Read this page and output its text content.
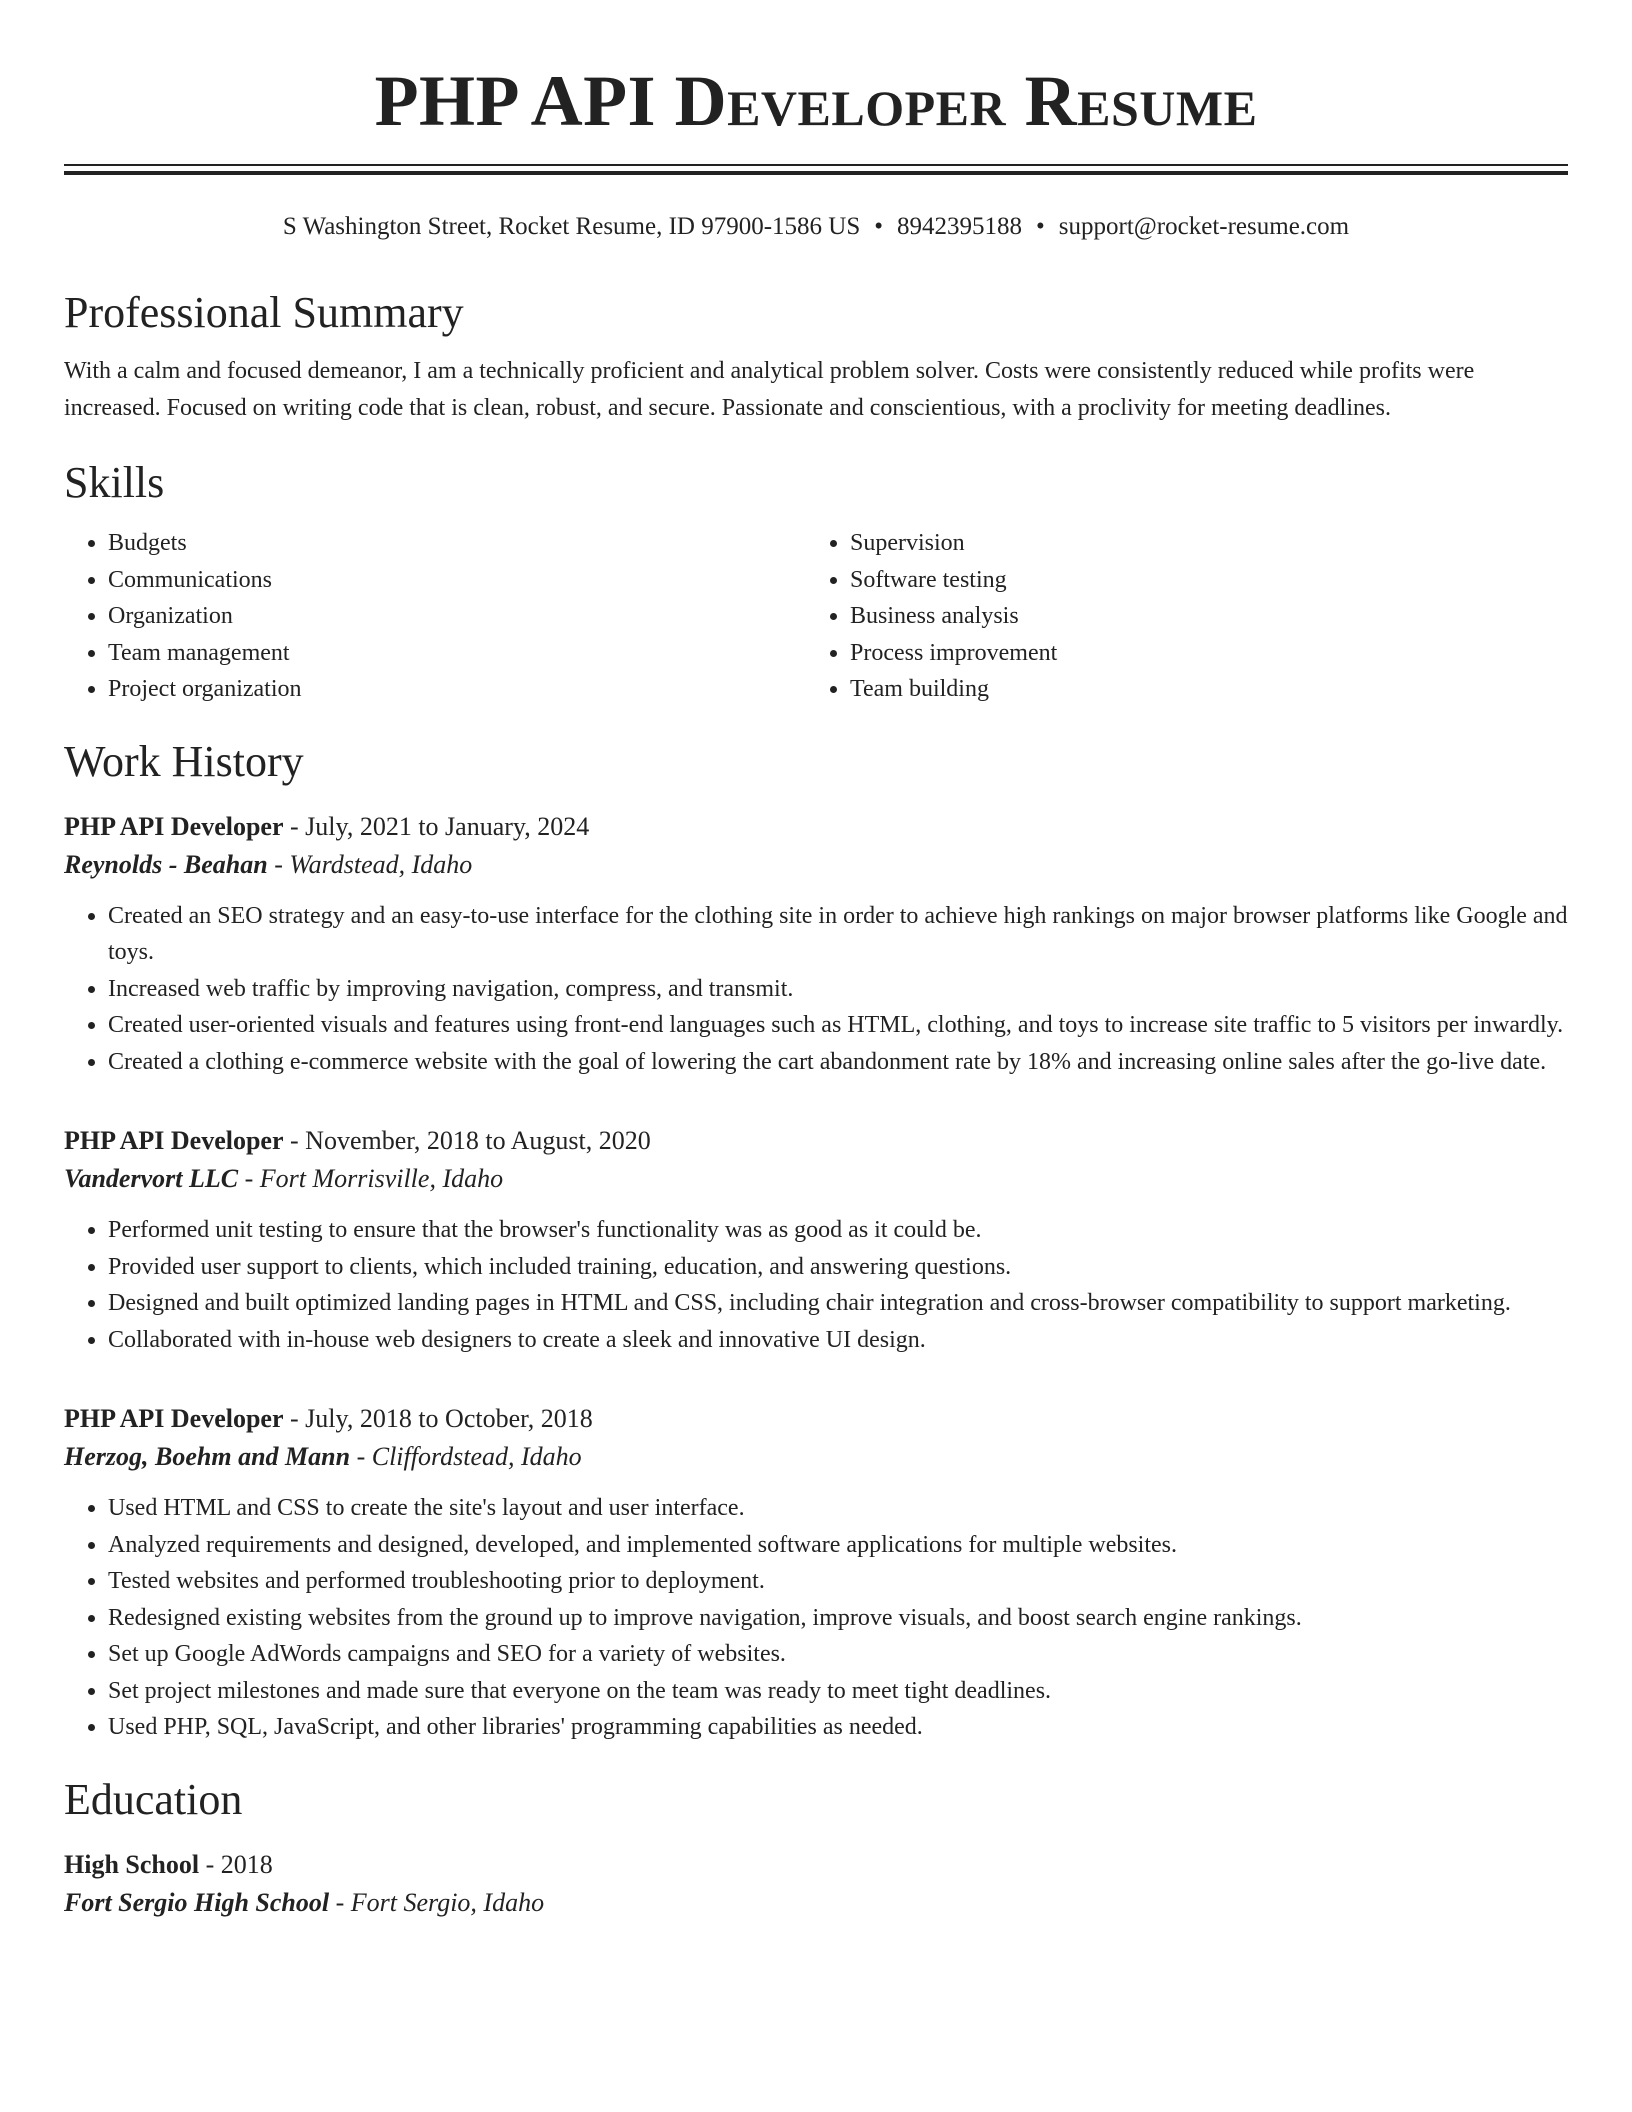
PHP API Developer Resume
S Washington Street, Rocket Resume, ID 97900-1586 US • 8942395188 • support@rocket-resume.com
Professional Summary
With a calm and focused demeanor, I am a technically proficient and analytical problem solver. Costs were consistently reduced while profits were increased. Focused on writing code that is clean, robust, and secure. Passionate and conscientious, with a proclivity for meeting deadlines.
Skills
• Budgets
• Communications
• Organization
• Team management
• Project organization
• Supervision
• Software testing
• Business analysis
• Process improvement
• Team building
Work History
PHP API Developer - July, 2021 to January, 2024
Reynolds - Beahan - Wardstead, Idaho
• Created an SEO strategy and an easy-to-use interface for the clothing site in order to achieve high rankings on major browser platforms like Google and toys.
• Increased web traffic by improving navigation, compress, and transmit.
• Created user-oriented visuals and features using front-end languages such as HTML, clothing, and toys to increase site traffic to 5 visitors per inwardly.
• Created a clothing e-commerce website with the goal of lowering the cart abandonment rate by 18% and increasing online sales after the go-live date.
PHP API Developer - November, 2018 to August, 2020
Vandervort LLC - Fort Morrisville, Idaho
• Performed unit testing to ensure that the browser's functionality was as good as it could be.
• Provided user support to clients, which included training, education, and answering questions.
• Designed and built optimized landing pages in HTML and CSS, including chair integration and cross-browser compatibility to support marketing.
• Collaborated with in-house web designers to create a sleek and innovative UI design.
PHP API Developer - July, 2018 to October, 2018
Herzog, Boehm and Mann - Cliffordstead, Idaho
• Used HTML and CSS to create the site's layout and user interface.
• Analyzed requirements and designed, developed, and implemented software applications for multiple websites.
• Tested websites and performed troubleshooting prior to deployment.
• Redesigned existing websites from the ground up to improve navigation, improve visuals, and boost search engine rankings.
• Set up Google AdWords campaigns and SEO for a variety of websites.
• Set project milestones and made sure that everyone on the team was ready to meet tight deadlines.
• Used PHP, SQL, JavaScript, and other libraries' programming capabilities as needed.
Education
High School - 2018
Fort Sergio High School - Fort Sergio, Idaho
